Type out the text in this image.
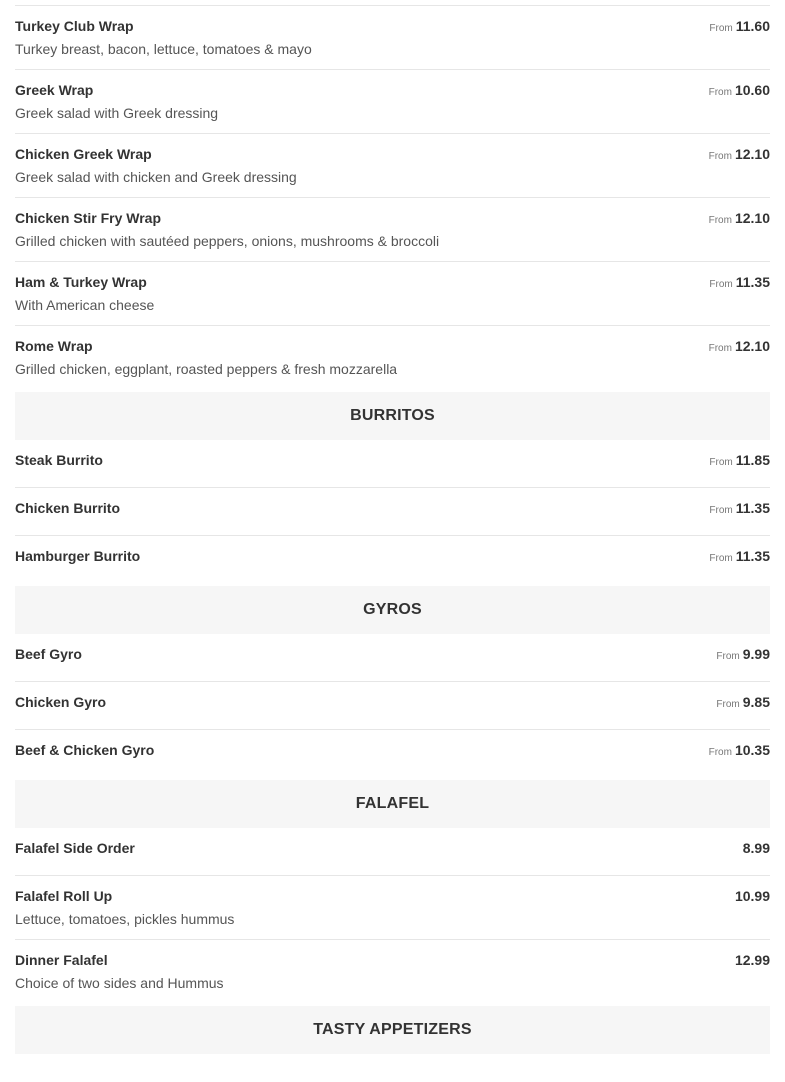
Turkey Club Wrap	From 11.60
Turkey breast, bacon, lettuce, tomatoes & mayo
Greek Wrap	From 10.60
Greek salad with Greek dressing
Chicken Greek Wrap	From 12.10
Greek salad with chicken and Greek dressing
Chicken Stir Fry Wrap	From 12.10
Grilled chicken with sautéed peppers, onions, mushrooms & broccoli
Ham & Turkey Wrap	From 11.35
With American cheese
Rome Wrap	From 12.10
Grilled chicken, eggplant, roasted peppers & fresh mozzarella
BURRITOS
Steak Burrito	From 11.85
Chicken Burrito	From 11.35
Hamburger Burrito	From 11.35
GYROS
Beef Gyro	From 9.99
Chicken Gyro	From 9.85
Beef & Chicken Gyro	From 10.35
FALAFEL
Falafel Side Order	8.99
Falafel Roll Up	10.99
Lettuce, tomatoes, pickles hummus
Dinner Falafel	12.99
Choice of two sides and Hummus
TASTY APPETIZERS
